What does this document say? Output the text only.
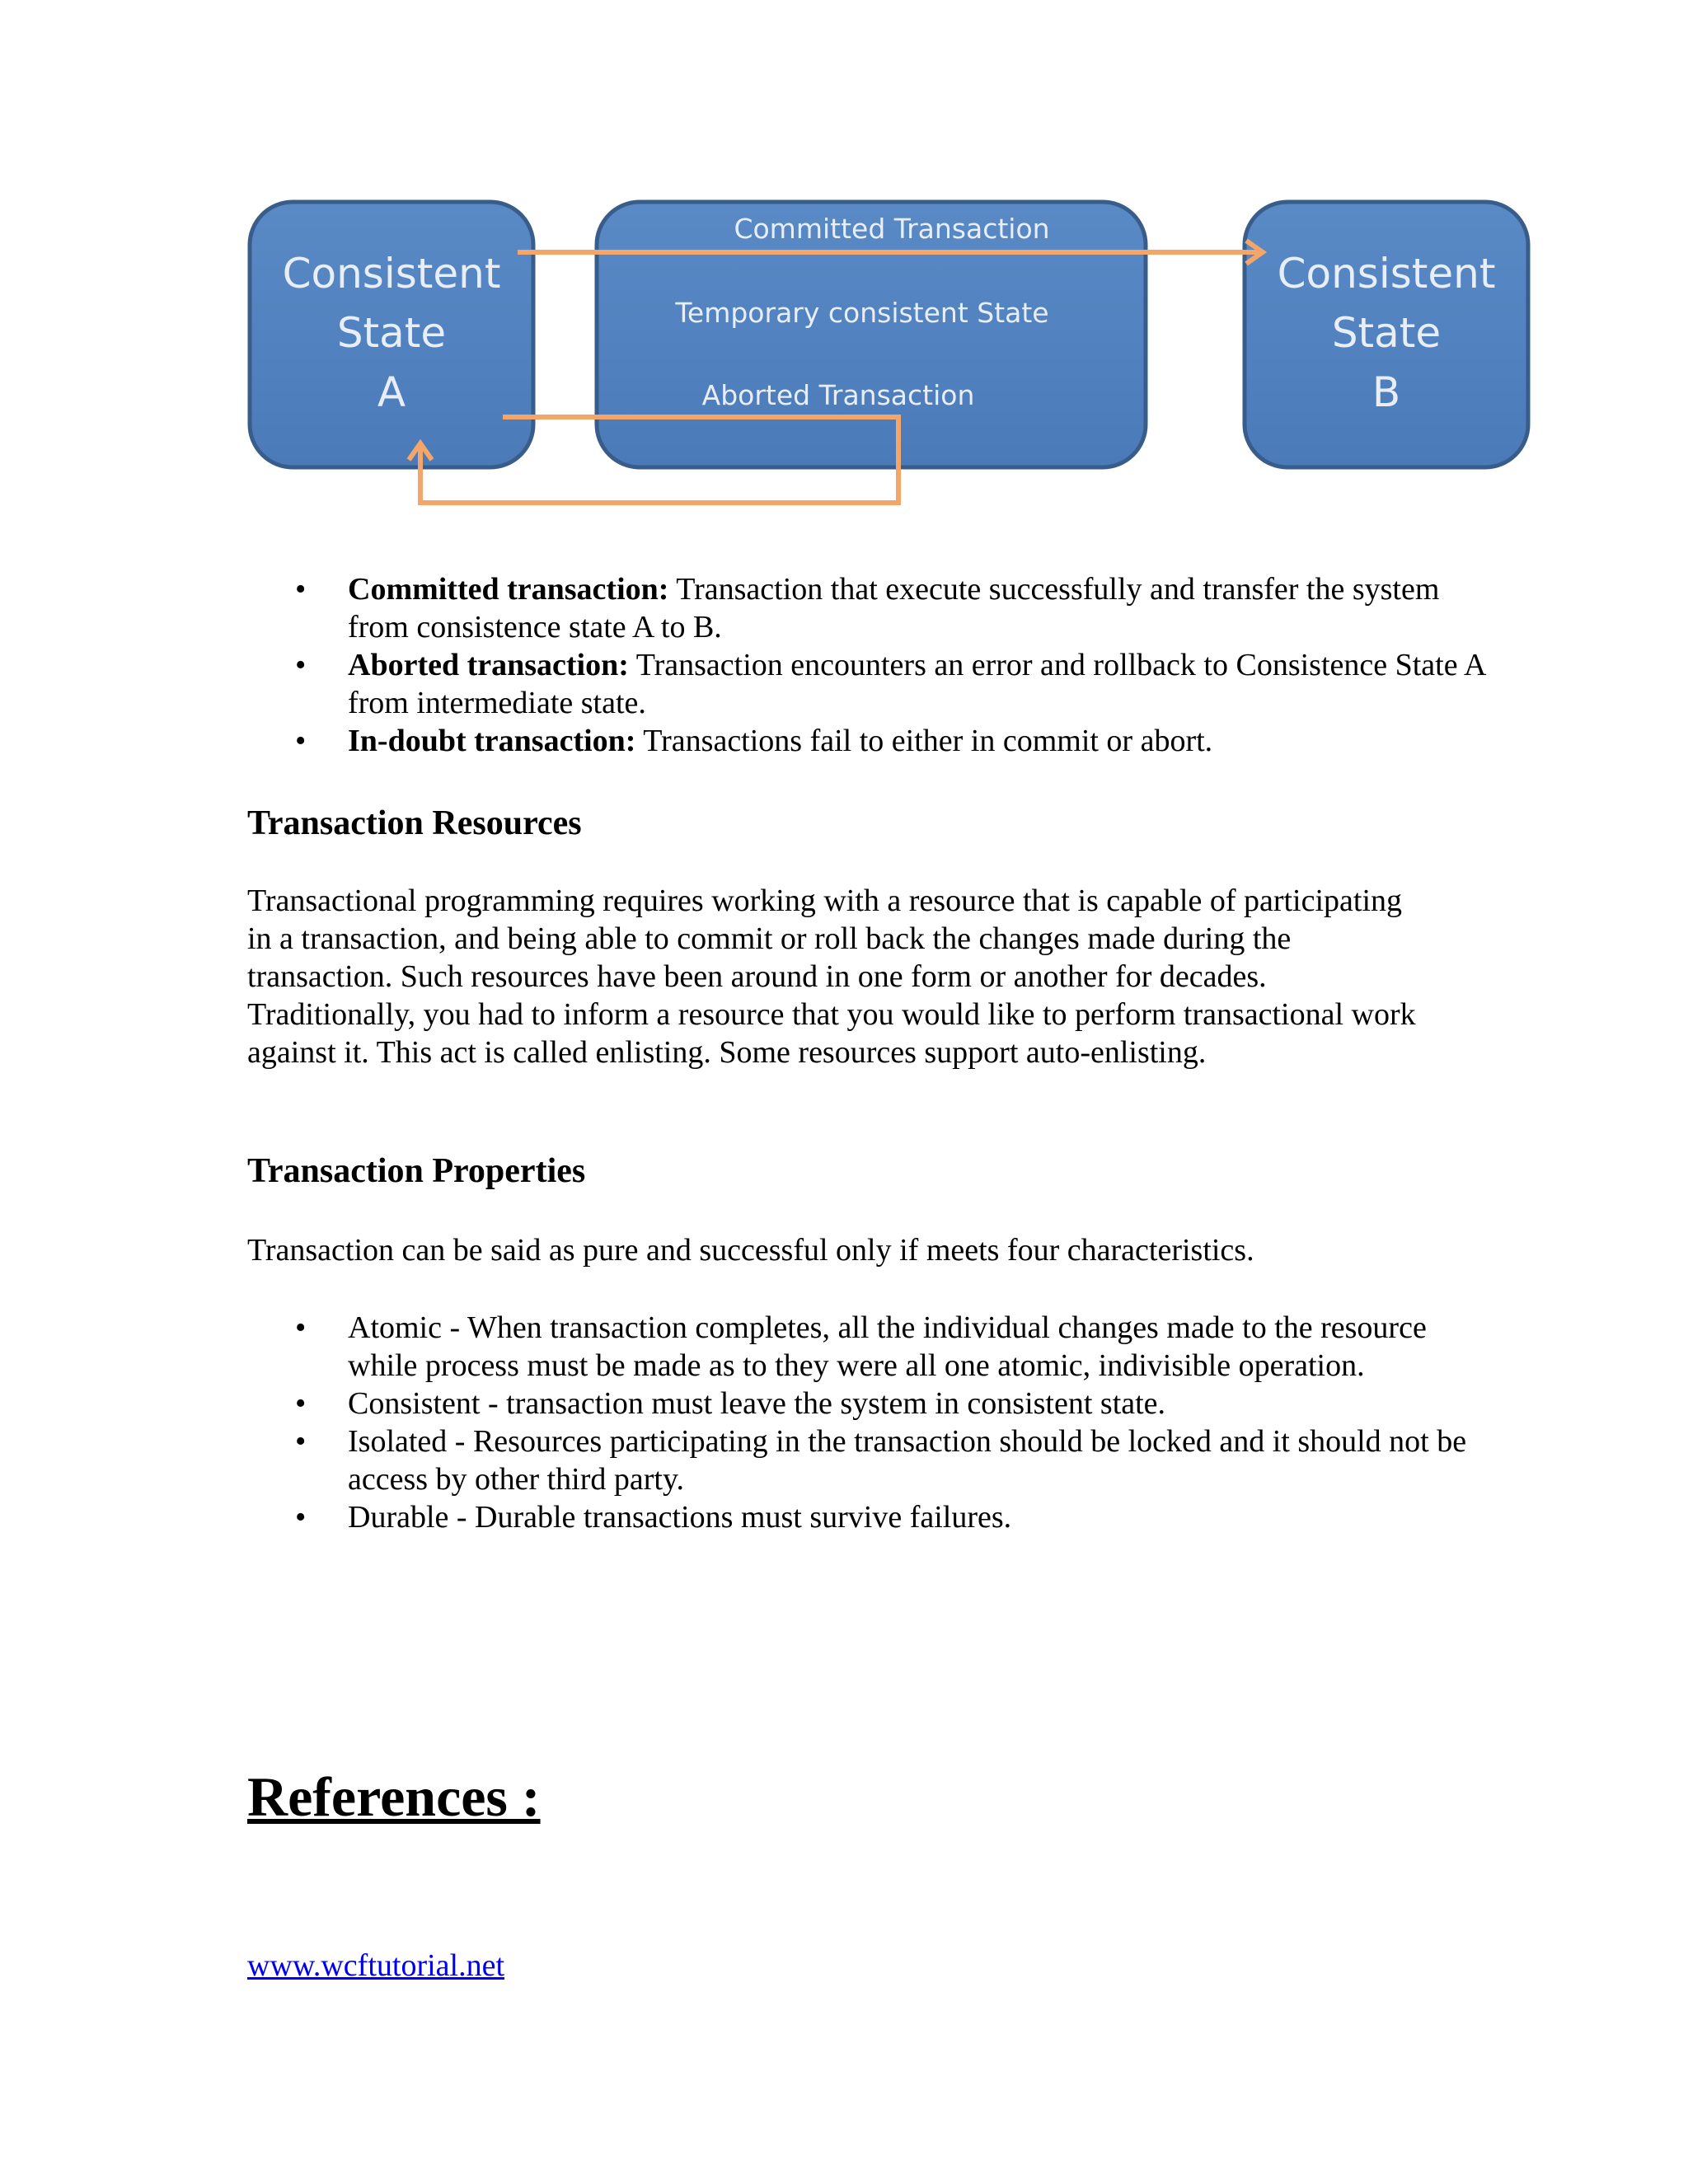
Consistent
State
A
Consistent
State
B
Committed Transaction
Temporary consistent State
Aborted Transaction
• Committed transaction: Transaction that execute successfully and transfer the system from consistence state A to B.
• Aborted transaction: Transaction encounters an error and rollback to Consistence State A from intermediate state.
• In-doubt transaction: Transactions fail to either in commit or abort.
Transaction Resources

Transactional programming requires working with a resource that is capable of participating in a transaction, and being able to commit or roll back the changes made during the transaction. Such resources have been around in one form or another for decades. Traditionally, you had to inform a resource that you would like to perform transactional work against it. This act is called enlisting. Some resources support auto-enlisting.

Transaction Properties

Transaction can be said as pure and successful only if meets four characteristics.

• Atomic - When transaction completes, all the individual changes made to the resource while process must be made as to they were all one atomic, indivisible operation.
• Consistent - transaction must leave the system in consistent state.
• Isolated - Resources participating in the transaction should be locked and it should not be access by other third party.
• Durable - Durable transactions must survive failures.
References :
www.wcftutorial.net
